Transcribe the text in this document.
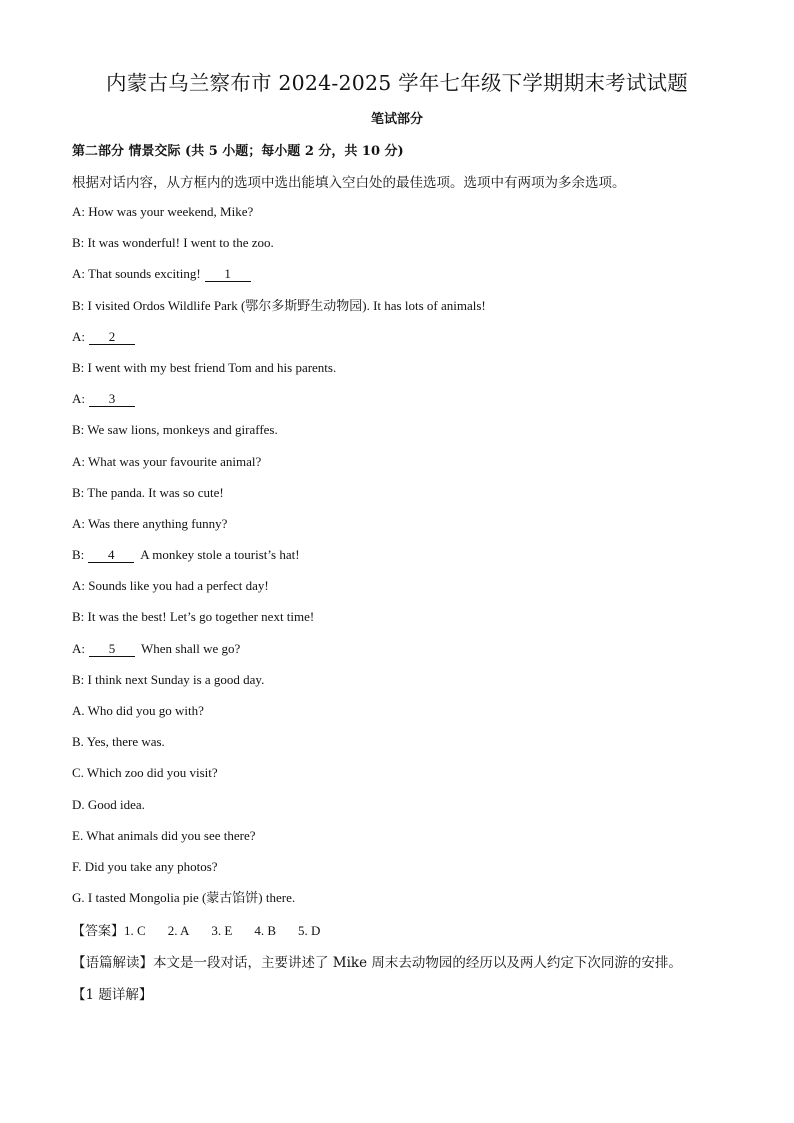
内蒙古乌兰察布市 2024-2025 学年七年级下学期期末考试试题
笔试部分
第二部分 情景交际 (共 5 小题；每小题 2 分，共 10 分)
根据对话内容，从方框内的选项中选出能填入空白处的最佳选项。选项中有两项为多余选项。
A: How was your weekend, Mike?
B: It was wonderful! I went to the zoo.
A: That sounds exciting! 1
B: I visited Ordos Wildlife Park (鄂尔多斯野生动物园). It has lots of animals!
A: 2
B: I went with my best friend Tom and his parents.
A: 3
B: We saw lions, monkeys and giraffes.
A: What was your favourite animal?
B: The panda. It was so cute!
A: Was there anything funny?
B: 4 A monkey stole a tourist’s hat!
A: Sounds like you had a perfect day!
B: It was the best! Let’s go together next time!
A: 5 When shall we go?
B: I think next Sunday is a good day.
A. Who did you go with?
B. Yes, there was.
C. Which zoo did you visit?
D. Good idea.
E. What animals did you see there?
F. Did you take any photos?
G. I tasted Mongolia pie (蒙古馅饼) there.
【答案】1. C 2. A 3. E 4. B 5. D
【语篇解读】本文是一段对话，主要讲述了 Mike 周末去动物园的经历以及两人约定下次同游的安排。
【1 题详解】
